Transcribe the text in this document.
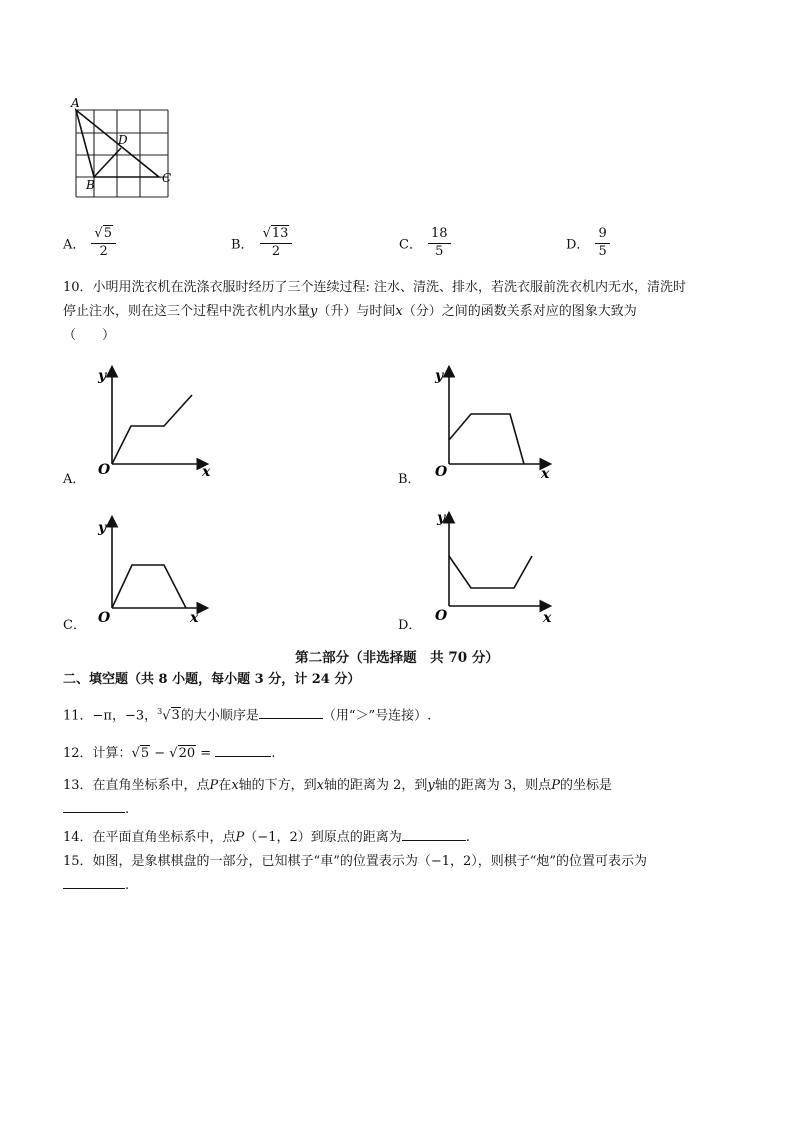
A
B	C
D
A． $\frac{√5}{2}$	B． $\frac{√13}{2}$	C． $\frac{18}{5}$	D． $\frac{9}{5}$
10．小明用洗衣机在洗涤衣服时经历了三个连续过程: 注水、清洗、排水，若洗衣服前洗衣机内无水，清洗时
停止注水，则在这三个过程中洗衣机内水量y（升）与时间x（分）之间的函数关系对应的图象大致为
（　　）
y
O	x
A．
y
O	x
B．
y
O	x
C．
y
O	x
D．
第二部分（非选择题　共 70 分）
二、填空题（共 8 小题，每小题 3 分，计 24 分）
11．−π，−3，$^3$√3的大小顺序是	（用“＞”号连接）.
12．计算：√5 − √20 =	.
13．在直角坐标系中，点P在x轴的下方，到x轴的距离为 2，到y轴的距离为 3，则点P的坐标是
.
14．在平面直角坐标系中，点P（−1，2）到原点的距离为	.
15．如图，是象棋棋盘的一部分，已知棋子“車”的位置表示为（−1，2），则棋子“炮”的位置可表示为
.
